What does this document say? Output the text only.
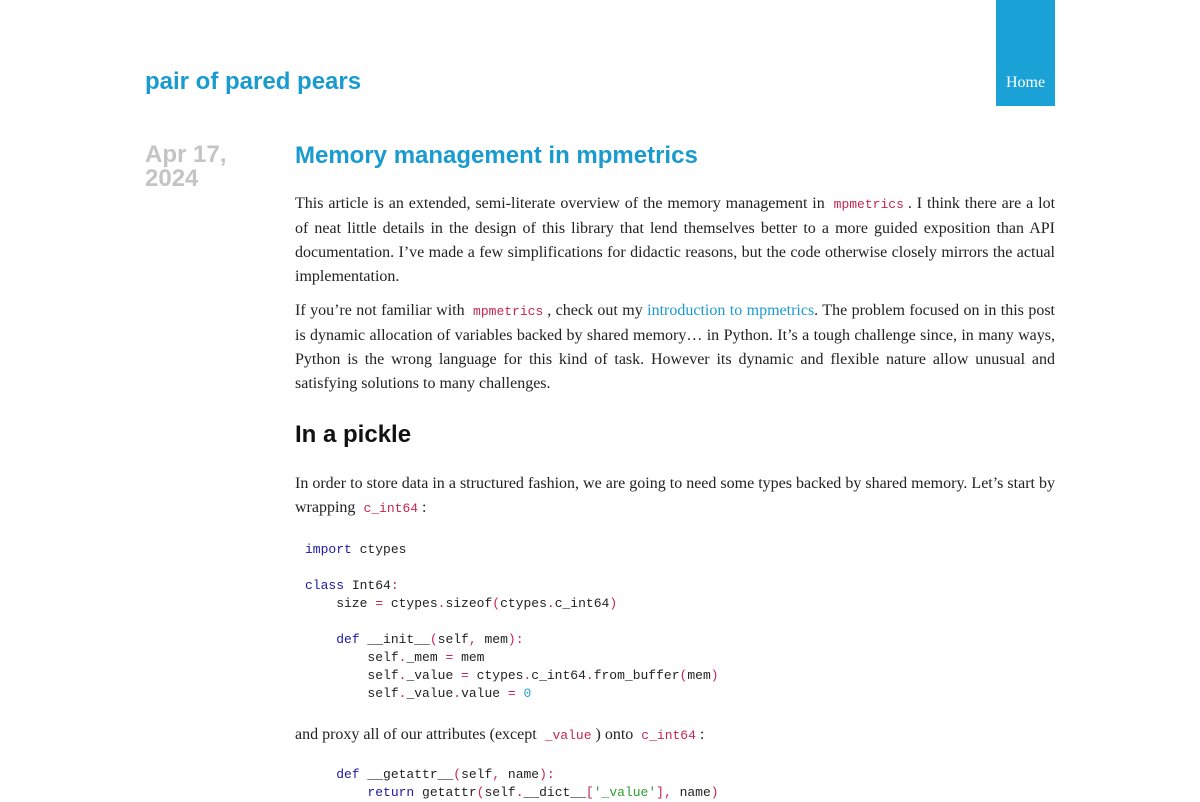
pair of pared pears	Home
Apr 17, 2024
Memory management in mpmetrics

This article is an extended, semi-literate overview of the memory management in mpmetrics . I think there are a lot of neat little details in the design of this library that lend themselves better to a more guided exposition than API documentation. I’ve made a few simplifications for didactic reasons, but the code otherwise closely mirrors the actual implementation.

If you’re not familiar with mpmetrics , check out my introduction to mpmetrics. The problem focused on in this post is dynamic allocation of variables backed by shared memory… in Python. It’s a tough challenge since, in many ways, Python is the wrong language for this kind of task. However its dynamic and flexible nature allow unusual and satisfying solutions to many challenges.

In a pickle

In order to store data in a structured fashion, we are going to need some types backed by shared memory. Let’s start by wrapping c_int64 :

import ctypes

class Int64:
size = ctypes.sizeof(ctypes.c_int64)

def __init__(self, mem):
self._mem = mem
self._value = ctypes.c_int64.from_buffer(mem)
self._value.value = 0

and proxy all of our attributes (except _value ) onto c_int64 :

def __getattr__(self, name):
return getattr(self.__dict__['_value'], name)
